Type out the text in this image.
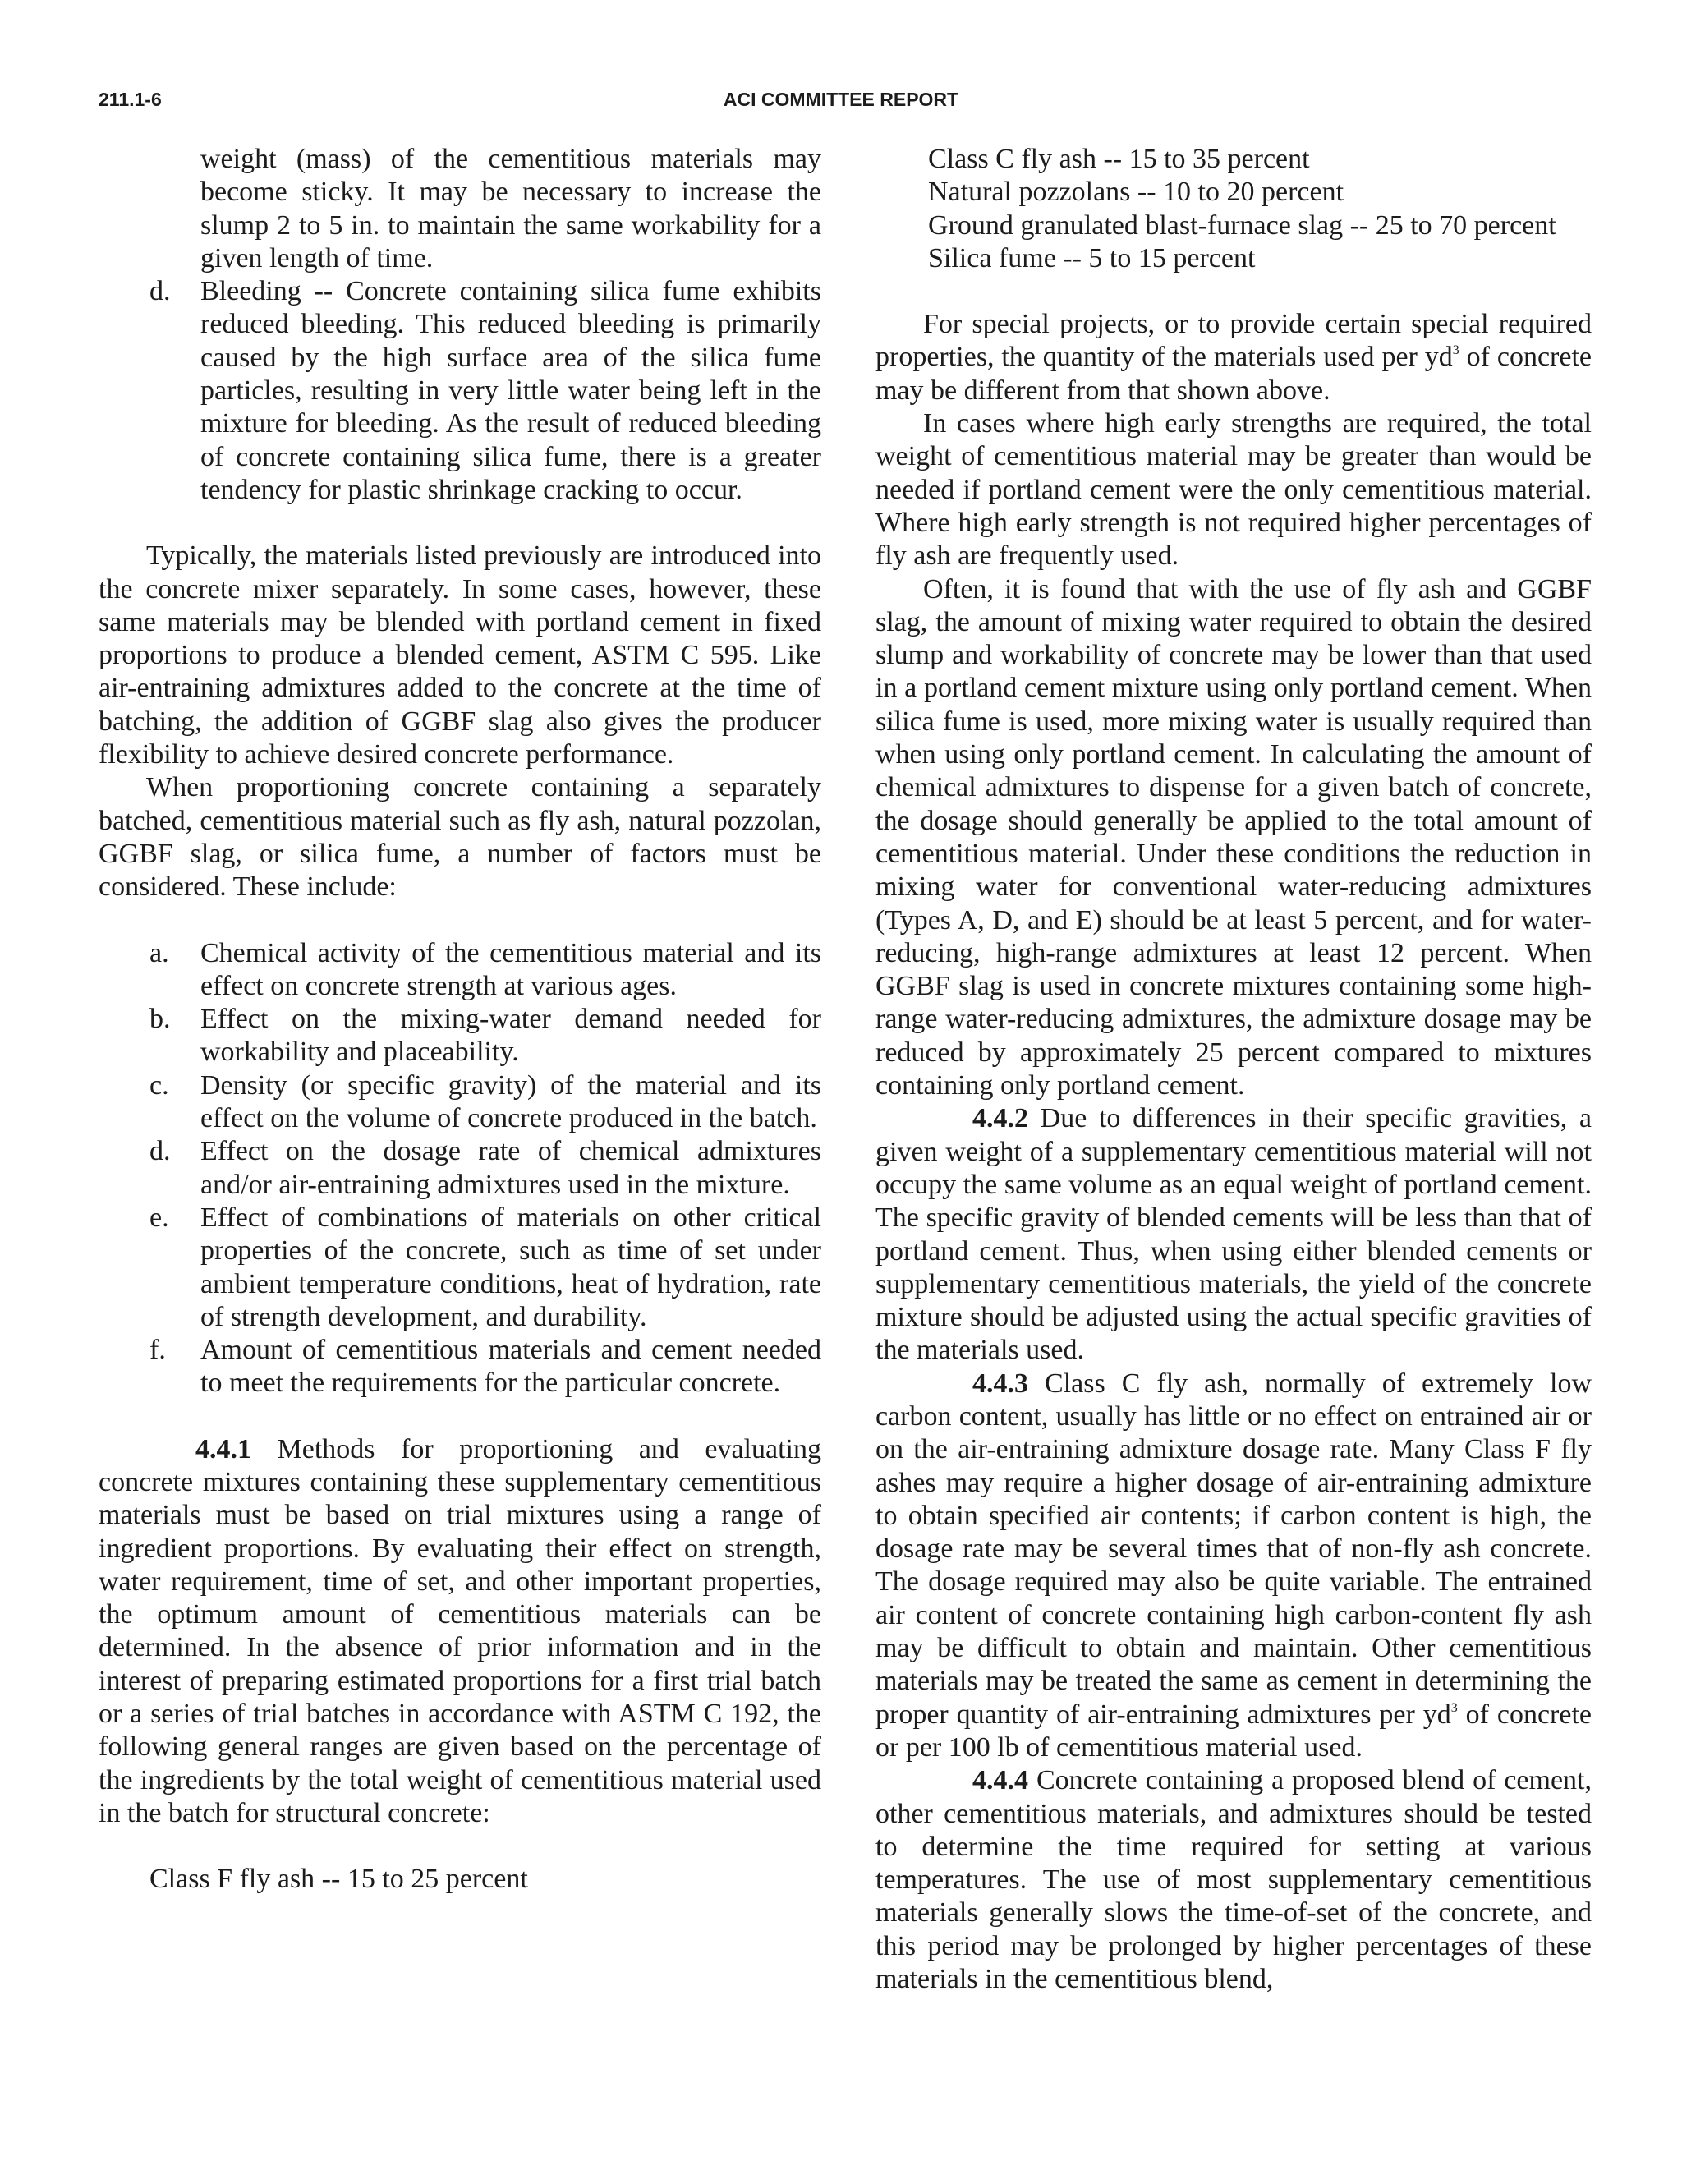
211.1-6	ACI COMMITTEE REPORT

weight (mass) of the cementitious materials may become sticky. It may be necessary to increase the slump 2 to 5 in. to maintain the same workability for a given length of time.

d. Bleeding -- Concrete containing silica fume exhibits reduced bleeding. This reduced bleeding is primarily caused by the high surface area of the silica fume particles, resulting in very little water being left in the mixture for bleeding. As the result of reduced bleeding of concrete containing silica fume, there is a greater tendency for plastic shrinkage cracking to occur.

Typically, the materials listed previously are introduced into the concrete mixer separately. In some cases, however, these same materials may be blended with portland cement in fixed proportions to produce a blended cement, ASTM C 595. Like air-entraining admixtures added to the concrete at the time of batching, the addition of GGBF slag also gives the producer flexibility to achieve desired concrete performance.

When proportioning concrete containing a separately batched, cementitious material such as fly ash, natural pozzolan, GGBF slag, or silica fume, a number of factors must be considered. These include:

a. Chemical activity of the cementitious material and its effect on concrete strength at various ages.

b. Effect on the mixing-water demand needed for workability and placeability.

c. Density (or specific gravity) of the material and its effect on the volume of concrete produced in the batch.

d. Effect on the dosage rate of chemical admixtures and/or air-entraining admixtures used in the mixture.

e. Effect of combinations of materials on other critical properties of the concrete, such as time of set under ambient temperature conditions, heat of hydration, rate of strength development, and durability.

f. Amount of cementitious materials and cement needed to meet the requirements for the particular concrete.

4.4.1 Methods for proportioning and evaluating concrete mixtures containing these supplementary cementitious materials must be based on trial mixtures using a range of ingredient proportions. By evaluating their effect on strength, water requirement, time of set, and other important properties, the optimum amount of cementitious materials can be determined. In the absence of prior information and in the interest of preparing estimated proportions for a first trial batch or a series of trial batches in accordance with ASTM C 192, the following general ranges are given based on the percentage of the ingredients by the total weight of cementitious material used in the batch for structural concrete:

Class F fly ash -- 15 to 25 percent

Class C fly ash -- 15 to 35 percent

Natural pozzolans -- 10 to 20 percent

Ground granulated blast-furnace slag -- 25 to 70 percent

Silica fume -- 5 to 15 percent

For special projects, or to provide certain special required properties, the quantity of the materials used per $yd^3$ of concrete may be different from that shown above.

In cases where high early strengths are required, the total weight of cementitious material may be greater than would be needed if portland cement were the only cementitious material. Where high early strength is not required higher percentages of fly ash are frequently used.

Often, it is found that with the use of fly ash and GGBF slag, the amount of mixing water required to obtain the desired slump and workability of concrete may be lower than that used in a portland cement mixture using only portland cement. When silica fume is used, more mixing water is usually required than when using only portland cement. In calculating the amount of chemical admixtures to dispense for a given batch of concrete, the dosage should generally be applied to the total amount of cementitious material. Under these conditions the reduction in mixing water for conventional water-reducing admixtures (Types A, D, and E) should be at least 5 percent, and for water-reducing, high-range admixtures at least 12 percent. When GGBF slag is used in concrete mixtures containing some high-range water-reducing admixtures, the admixture dosage may be reduced by approximately 25 percent compared to mixtures containing only portland cement.

4.4.2 Due to differences in their specific gravities, a given weight of a supplementary cementitious material will not occupy the same volume as an equal weight of portland cement. The specific gravity of blended cements will be less than that of portland cement. Thus, when using either blended cements or supplementary cementitious materials, the yield of the concrete mixture should be adjusted using the actual specific gravities of the materials used.

4.4.3 Class C fly ash, normally of extremely low carbon content, usually has little or no effect on entrained air or on the air-entraining admixture dosage rate. Many Class F fly ashes may require a higher dosage of air-entraining admixture to obtain specified air contents; if carbon content is high, the dosage rate may be several times that of non-fly ash concrete. The dosage required may also be quite variable. The entrained air content of concrete containing high carbon-content fly ash may be difficult to obtain and maintain. Other cementitious materials may be treated the same as cement in determining the proper quantity of air-entraining admixtures per $yd^3$ of concrete or per 100 lb of cementitious material used.

4.4.4 Concrete containing a proposed blend of cement, other cementitious materials, and admixtures should be tested to determine the time required for setting at various temperatures. The use of most supplementary cementitious materials generally slows the time-of-set of the concrete, and this period may be prolonged by higher percentages of these materials in the cementitious blend,
